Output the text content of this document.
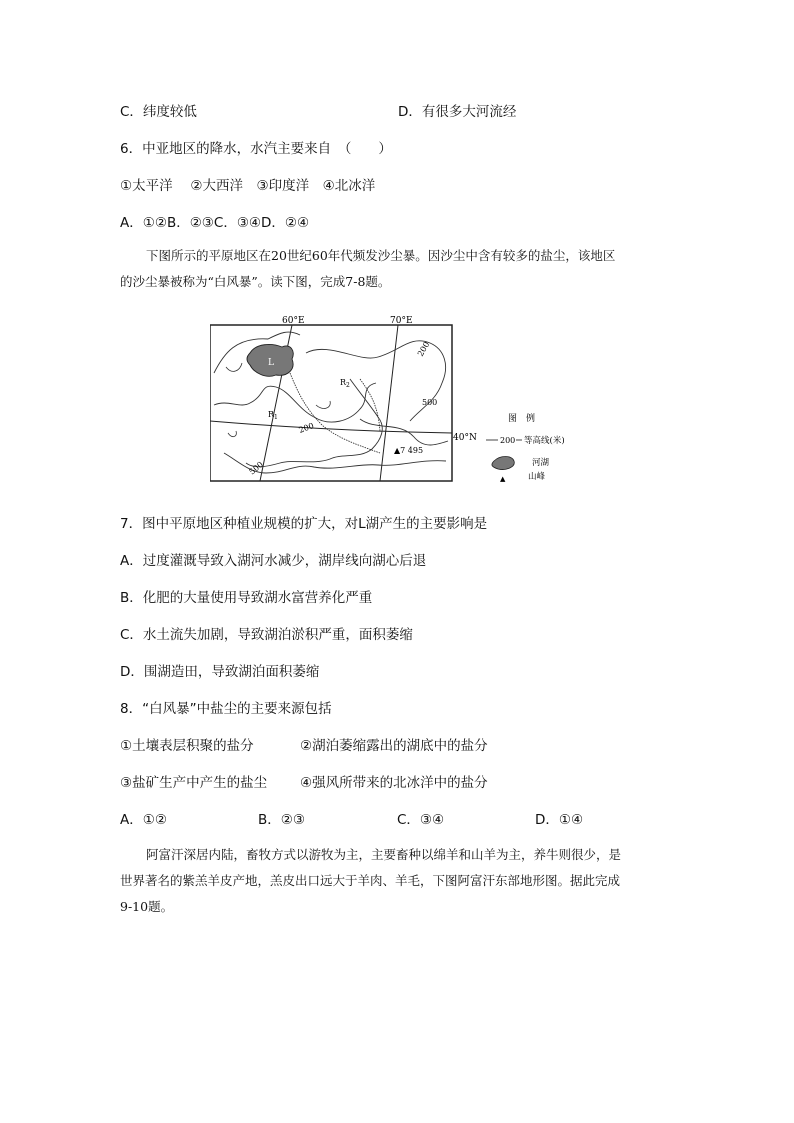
C．纬度较低	D．有很多大河流经
6．中亚地区的降水，水汽主要来自　（　　）
①太平洋　 ②大西洋　③印度洋　④北冰洋
A．①②B．②③C．③④D．②④
下图所示的平原地区在20世纪60年代频发沙尘暴。因沙尘中含有较多的盐尘，该地区
的沙尘暴被称为“白风暴”。读下图，完成7-8题。
60°E	70°E
40°N
L
200
500
200
500
$R_2$
$R_1$
▲7 495
图　例
200 等高线(米)
河湖
▲	山峰
7．图中平原地区种植业规模的扩大，对L湖产生的主要影响是
A．过度灌溉导致入湖河水减少，湖岸线向湖心后退
B．化肥的大量使用导致湖水富营养化严重
C．水土流失加剧，导致湖泊淤积严重，面积萎缩
D．围湖造田，导致湖泊面积萎缩
8．“白风暴”中盐尘的主要来源包括
①土壤表层积聚的盐分	②湖泊萎缩露出的湖底中的盐分
③盐矿生产中产生的盐尘 ④强风所带来的北冰洋中的盐分
A．①②	B．②③	C．③④	D．①④
阿富汗深居内陆，畜牧方式以游牧为主，主要畜种以绵羊和山羊为主，养牛则很少，是
世界著名的紫羔羊皮产地，羔皮出口远大于羊肉、羊毛，下图阿富汗东部地形图。据此完成
9-10题。
